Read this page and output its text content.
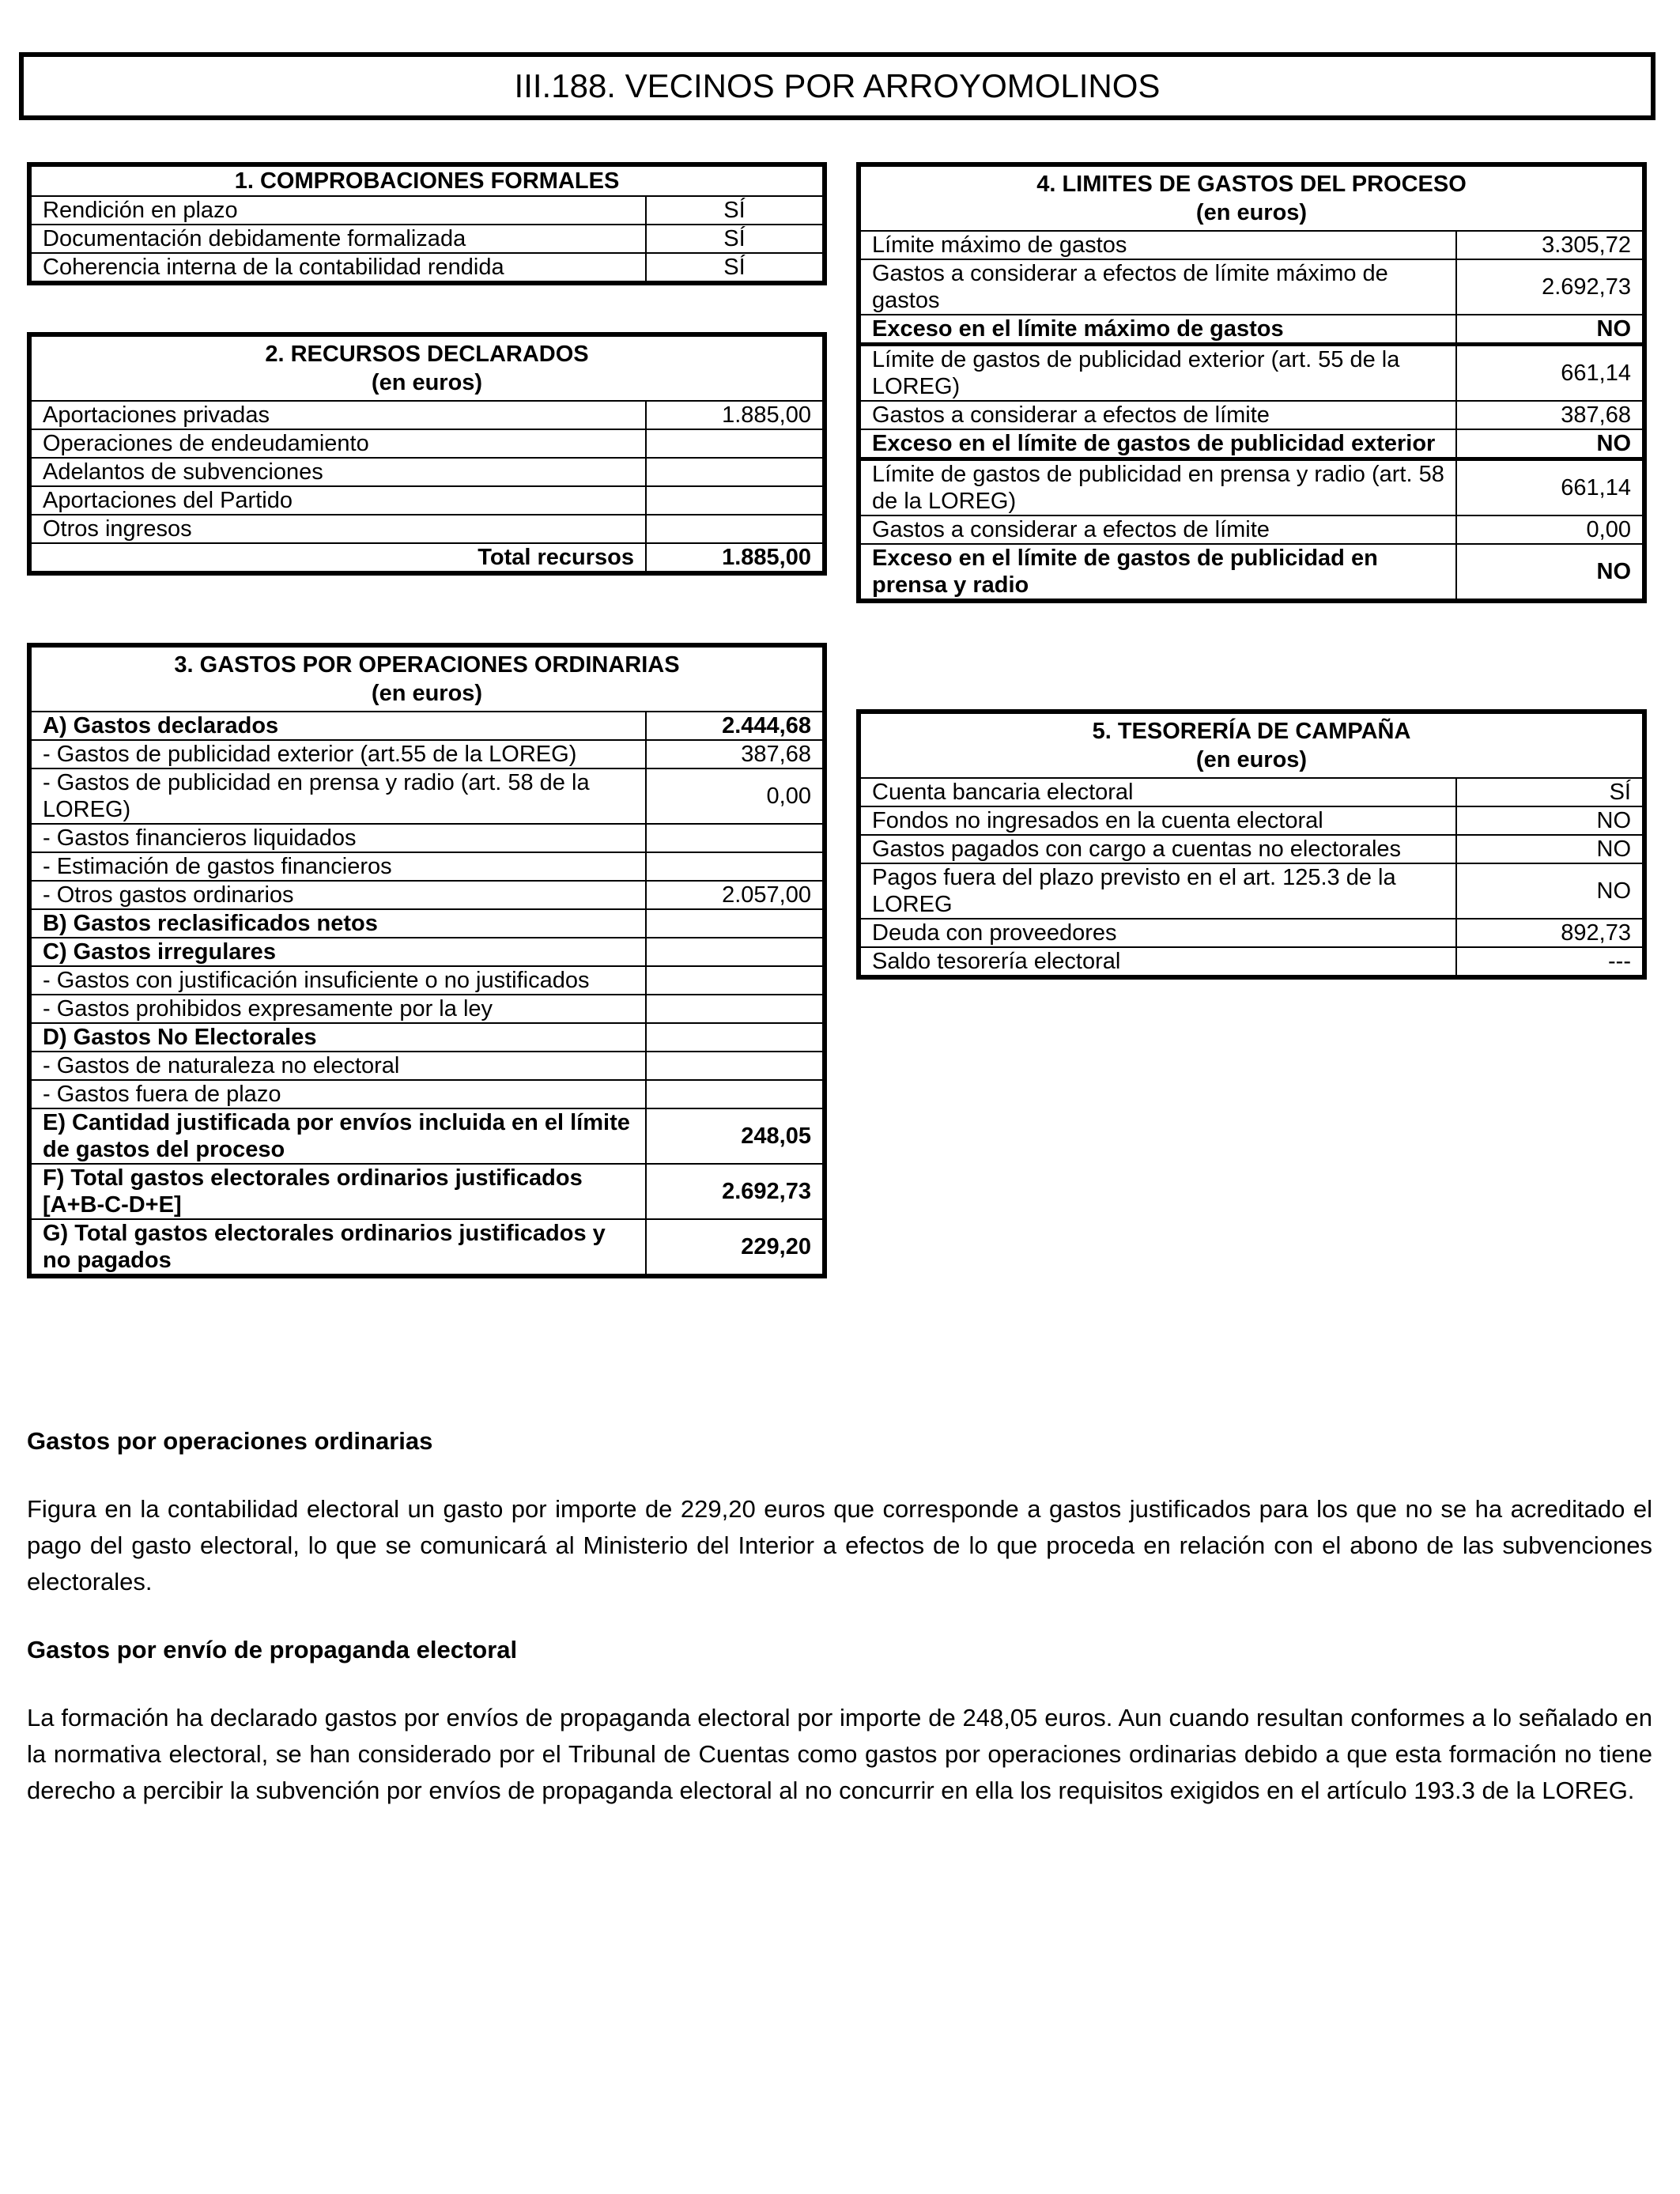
III.188. VECINOS POR ARROYOMOLINOS
1. COMPROBACIONES FORMALES	
Rendición en plazo	SÍ
Documentación debidamente formalizada	SÍ
Coherencia interna de la contabilidad rendida	SÍ
2. RECURSOS DECLARADOS
(en euros)	

Aportaciones privadas	1.885,00
Operaciones de endeudamiento	
Adelantos de subvenciones	
Aportaciones del Partido	
Otros ingresos	
Total recursos	1.885,00
3. GASTOS POR OPERACIONES ORDINARIAS
(en euros)	

A) Gastos declarados	2.444,68
- Gastos de publicidad exterior (art.55 de la LOREG)	387,68
- Gastos de publicidad en prensa y radio (art. 58 de la LOREG)	0,00
- Gastos financieros liquidados	
- Estimación de gastos financieros	
- Otros gastos ordinarios	2.057,00
B) Gastos reclasificados netos	
C) Gastos irregulares	
- Gastos con justificación insuficiente o no justificados	
- Gastos prohibidos expresamente por la ley	
D) Gastos No Electorales	
- Gastos de naturaleza no electoral	
- Gastos fuera de plazo	
E) Cantidad justificada por envíos incluida en el límite de gastos del proceso	248,05
F) Total gastos electorales ordinarios justificados [A+B-C-D+E]	2.692,73
G) Total gastos electorales ordinarios justificados y no pagados	229,20
4. LIMITES DE GASTOS DEL PROCESO
(en euros)	

Límite máximo de gastos	3.305,72
Gastos a considerar a efectos de límite máximo de gastos	2.692,73
Exceso en el límite máximo de gastos	NO
Límite de gastos de publicidad exterior (art. 55 de la LOREG)	661,14
Gastos a considerar a efectos de límite	387,68
Exceso en el límite de gastos de publicidad exterior	NO
Límite de gastos de publicidad en prensa y radio (art. 58 de la LOREG)	661,14
Gastos a considerar a efectos de límite	0,00
Exceso en el límite de gastos de publicidad en prensa y radio	NO
5. TESORERÍA DE CAMPAÑA
(en euros)	

Cuenta bancaria electoral	SÍ
Fondos no ingresados en la cuenta electoral	NO
Gastos pagados con cargo a cuentas no electorales	NO
Pagos fuera del plazo previsto en el art. 125.3 de la LOREG	NO
Deuda con proveedores	892,73
Saldo tesorería electoral	---
Gastos por operaciones ordinarias

Figura en la contabilidad electoral un gasto por importe de 229,20 euros que corresponde a gastos justificados para los que no se ha acreditado el pago del gasto electoral, lo que se comunicará al Ministerio del Interior a efectos de lo que proceda en relación con el abono de las subvenciones electorales.

Gastos por envío de propaganda electoral

La formación ha declarado gastos por envíos de propaganda electoral por importe de 248,05 euros. Aun cuando resultan conformes a lo señalado en la normativa electoral, se han considerado por el Tribunal de Cuentas como gastos por operaciones ordinarias debido a que esta formación no tiene derecho a percibir la subvención por envíos de propaganda electoral al no concurrir en ella los requisitos exigidos en el artículo 193.3 de la LOREG.
